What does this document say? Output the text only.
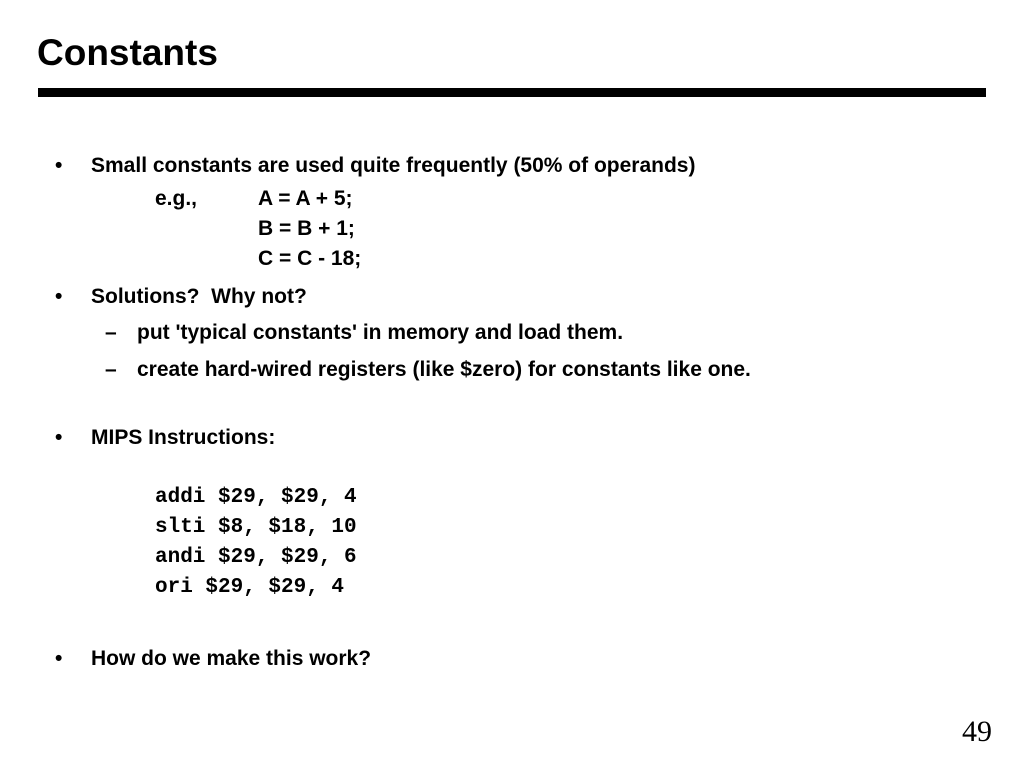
Constants
• Small constants are used quite frequently (50% of operands)
e.g.,	A = A + 5;
B = B + 1;
C = C - 18;
• Solutions?  Why not?
– put 'typical constants' in memory and load them.
– create hard-wired registers (like $zero) for constants like one.
• MIPS Instructions:
addi $29, $29, 4
slti $8, $18, 10
andi $29, $29, 6
ori $29, $29, 4
• How do we make this work?
49
